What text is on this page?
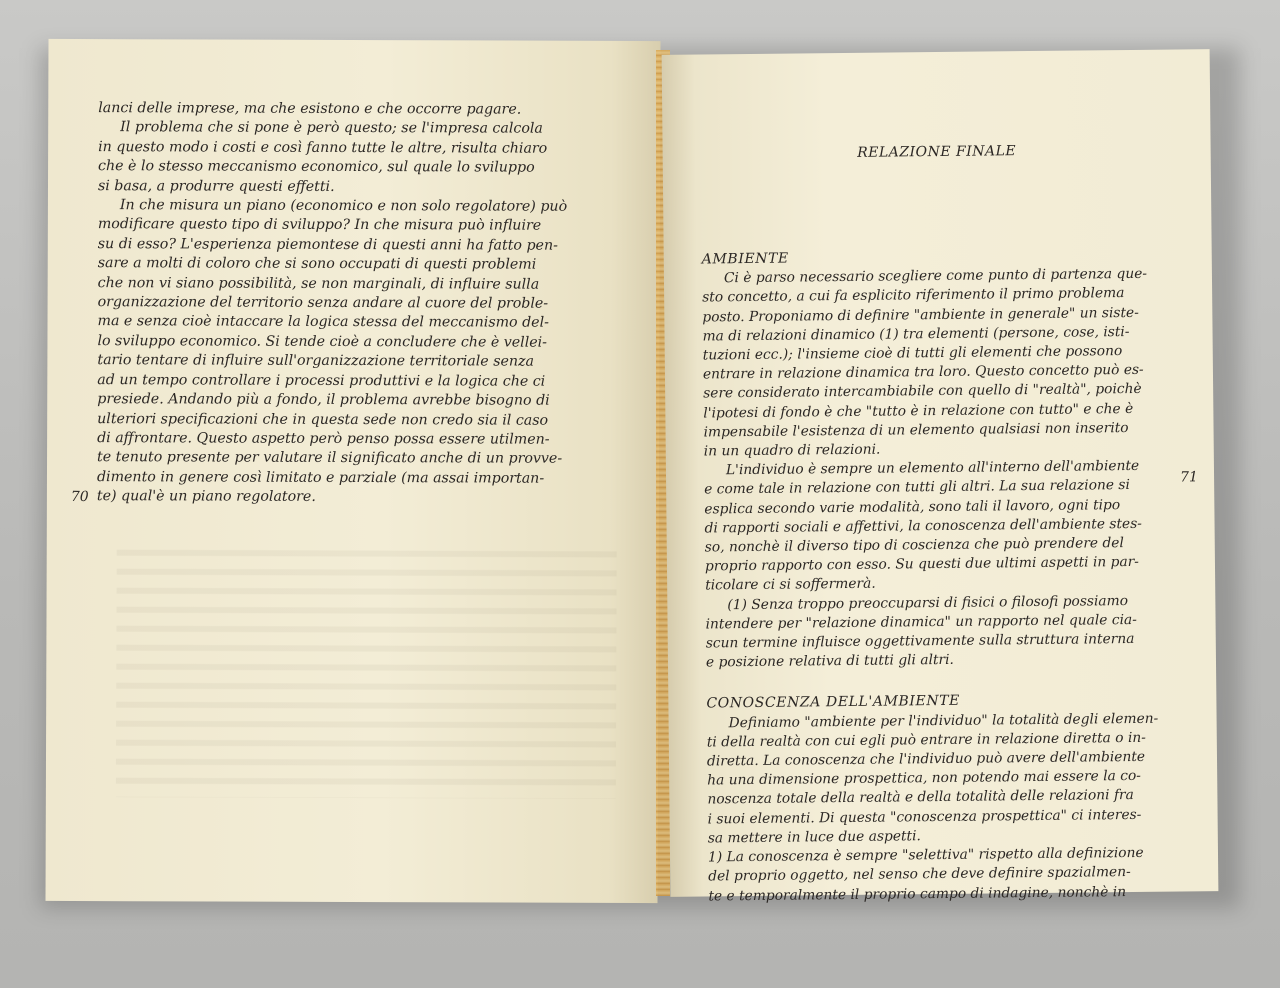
lanci delle imprese, ma che esistono e che occorre pagare.

Il problema che si pone è però questo; se l'impresa calcola

in questo modo i costi e così fanno tutte le altre, risulta chiaro

che è lo stesso meccanismo economico, sul quale lo sviluppo

si basa, a produrre questi effetti.

In che misura un piano (economico e non solo regolatore) può

modificare questo tipo di sviluppo? In che misura può influire

su di esso? L'esperienza piemontese di questi anni ha fatto pen-

sare a molti di coloro che si sono occupati di questi problemi

che non vi siano possibilità, se non marginali, di influire sulla

organizzazione del territorio senza andare al cuore del proble-

ma e senza cioè intaccare la logica stessa del meccanismo del-

lo sviluppo economico. Si tende cioè a concludere che è vellei-

tario tentare di influire sull'organizzazione territoriale senza

ad un tempo controllare i processi produttivi e la logica che ci

presiede. Andando più a fondo, il problema avrebbe bisogno di

ulteriori specificazioni che in questa sede non credo sia il caso

di affrontare. Questo aspetto però penso possa essere utilmen-

te tenuto presente per valutare il significato anche di un provve-

dimento in genere così limitato e parziale (ma assai importan-

te) qual'è un piano regolatore.

70
RELAZIONE FINALE

AMBIENTE

Ci è parso necessario scegliere come punto di partenza que-

sto concetto, a cui fa esplicito riferimento il primo problema

posto. Proponiamo di definire "ambiente in generale" un siste-

ma di relazioni dinamico (1) tra elementi (persone, cose, isti-

tuzioni ecc.); l'insieme cioè di tutti gli elementi che possono

entrare in relazione dinamica tra loro. Questo concetto può es-

sere considerato intercambiabile con quello di "realtà", poichè

l'ipotesi di fondo è che "tutto è in relazione con tutto" e che è

impensabile l'esistenza di un elemento qualsiasi non inserito

in un quadro di relazioni.

L'individuo è sempre un elemento all'interno dell'ambiente

e come tale in relazione con tutti gli altri. La sua relazione si

esplica secondo varie modalità, sono tali il lavoro, ogni tipo

di rapporti sociali e affettivi, la conoscenza dell'ambiente stes-

so, nonchè il diverso tipo di coscienza che può prendere del

proprio rapporto con esso. Su questi due ultimi aspetti in par-

ticolare ci si soffermerà.

(1) Senza troppo preoccuparsi di fisici o filosofi possiamo

intendere per "relazione dinamica" un rapporto nel quale cia-

scun termine influisce oggettivamente sulla struttura interna

e posizione relativa di tutti gli altri.

CONOSCENZA DELL'AMBIENTE

Definiamo "ambiente per l'individuo" la totalità degli elemen-

ti della realtà con cui egli può entrare in relazione diretta o in-

diretta. La conoscenza che l'individuo può avere dell'ambiente

ha una dimensione prospettica, non potendo mai essere la co-

noscenza totale della realtà e della totalità delle relazioni fra

i suoi elementi. Di questa "conoscenza prospettica" ci interes-

sa mettere in luce due aspetti.

1) La conoscenza è sempre "selettiva" rispetto alla definizione

del proprio oggetto, nel senso che deve definire spazialmen-

te e temporalmente il proprio campo di indagine, nonchè in

71
